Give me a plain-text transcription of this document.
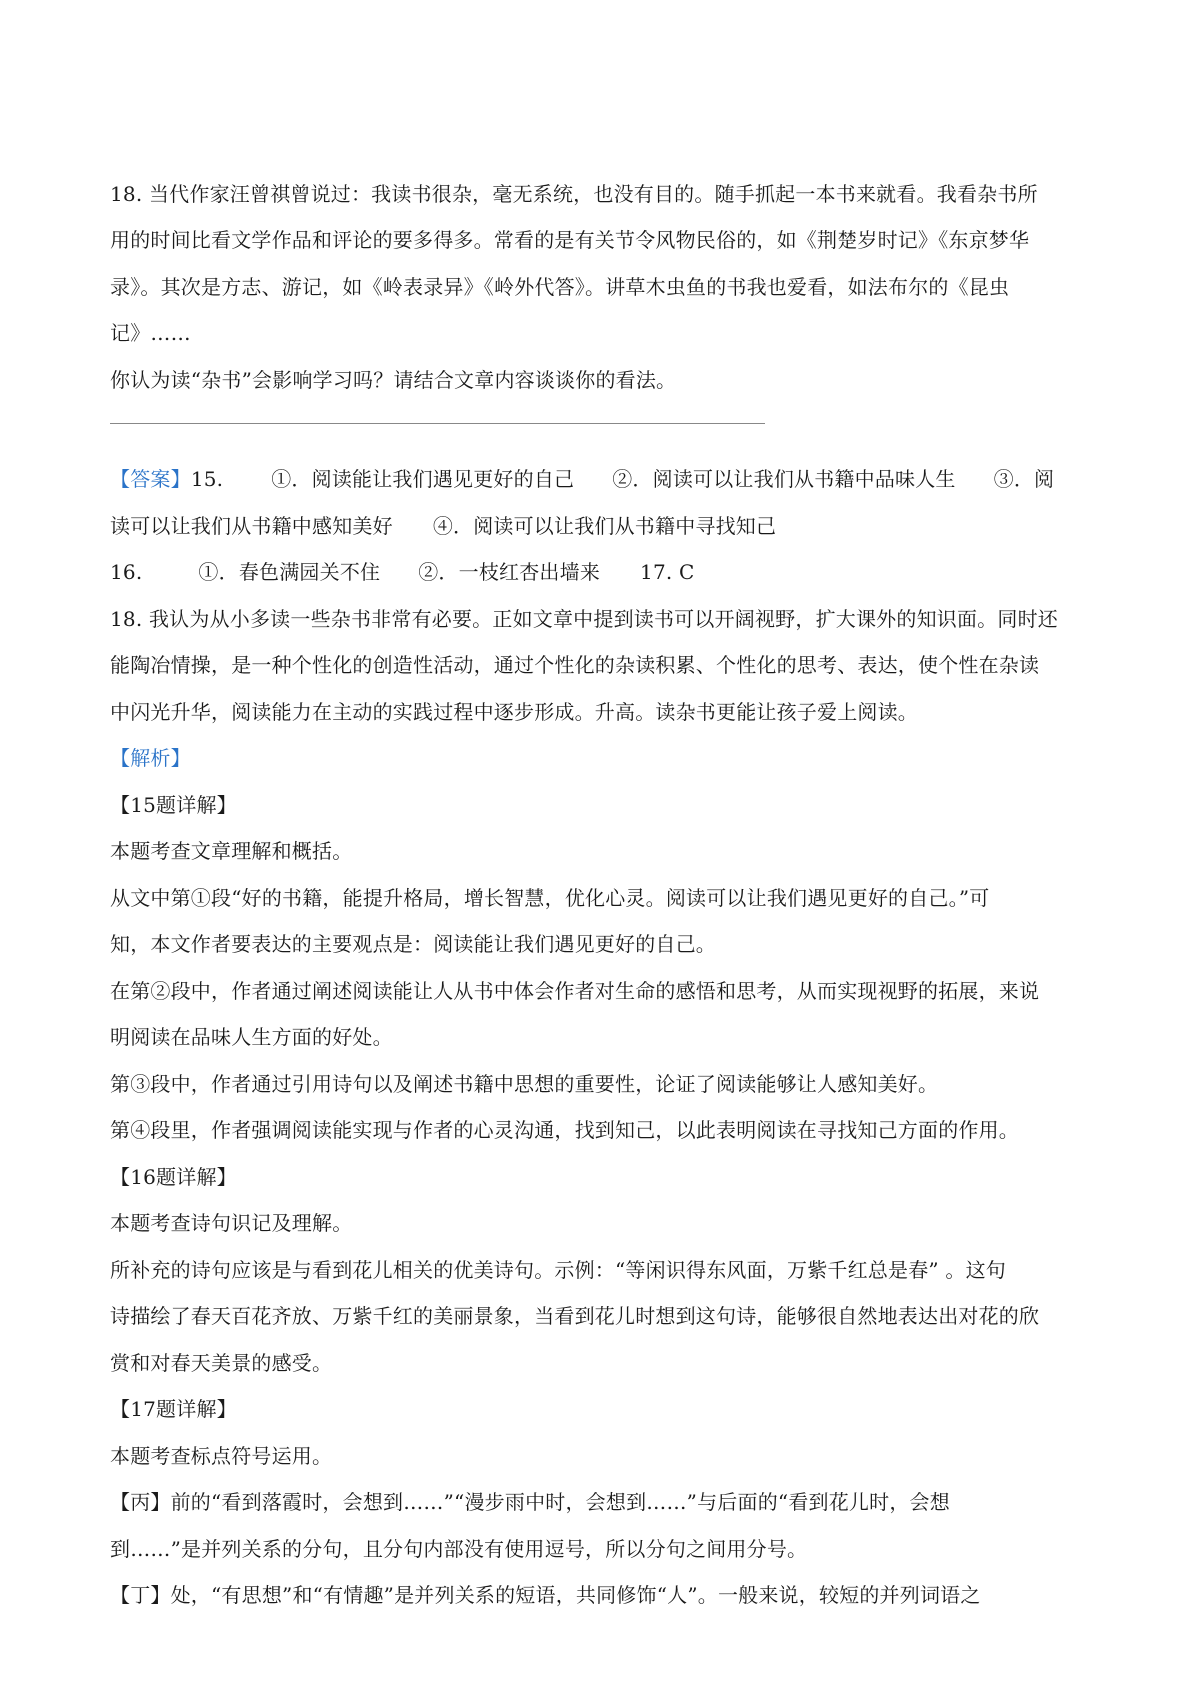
18. 当代作家汪曾祺曾说过：我读书很杂，毫无系统，也没有目的。随手抓起一本书来就看。我看杂书所
用的时间比看文学作品和评论的要多得多。常看的是有关节令风物民俗的，如《荆楚岁时记》《东京梦华
录》。其次是方志、游记，如《岭表录异》《岭外代答》。讲草木虫鱼的书我也爱看，如法布尔的《昆虫
记》……
你认为读“杂书”会影响学习吗？请结合文章内容谈谈你的看法。
【答案】15. ①．阅读能让我们遇见更好的自己 ②．阅读可以让我们从书籍中品味人生 ③．阅
读可以让我们从书籍中感知美好 ④．阅读可以让我们从书籍中寻找知己
16.	①．春色满园关不住 ②．一枝红杏出墙来 17. C
18. 我认为从小多读一些杂书非常有必要。正如文章中提到读书可以开阔视野，扩大课外的知识面。同时还
能陶冶情操，是一种个性化的创造性活动，通过个性化的杂读积累、个性化的思考、表达，使个性在杂读
中闪光升华，阅读能力在主动的实践过程中逐步形成。升高。读杂书更能让孩子爱上阅读。
【解析】
【15题详解】
本题考查文章理解和概括。
从文中第①段“好的书籍，能提升格局，增长智慧，优化心灵。阅读可以让我们遇见更好的自己。”可
知，本文作者要表达的主要观点是：阅读能让我们遇见更好的自己。
在第②段中，作者通过阐述阅读能让人从书中体会作者对生命的感悟和思考，从而实现视野的拓展，来说
明阅读在品味人生方面的好处。
第③段中，作者通过引用诗句以及阐述书籍中思想的重要性，论证了阅读能够让人感知美好。
第④段里，作者强调阅读能实现与作者的心灵沟通，找到知己，以此表明阅读在寻找知己方面的作用。
【16题详解】
本题考查诗句识记及理解。
所补充的诗句应该是与看到花儿相关的优美诗句。示例：“等闲识得东风面，万紫千红总是春” 。这句
诗描绘了春天百花齐放、万紫千红的美丽景象，当看到花儿时想到这句诗，能够很自然地表达出对花的欣
赏和对春天美景的感受。
【17题详解】
本题考查标点符号运用。
【丙】前的“看到落霞时，会想到……”“漫步雨中时，会想到……”与后面的“看到花儿时，会想
到……”是并列关系的分句，且分句内部没有使用逗号，所以分句之间用分号。
【丁】处，“有思想”和“有情趣”是并列关系的短语，共同修饰“人”。一般来说，较短的并列词语之
